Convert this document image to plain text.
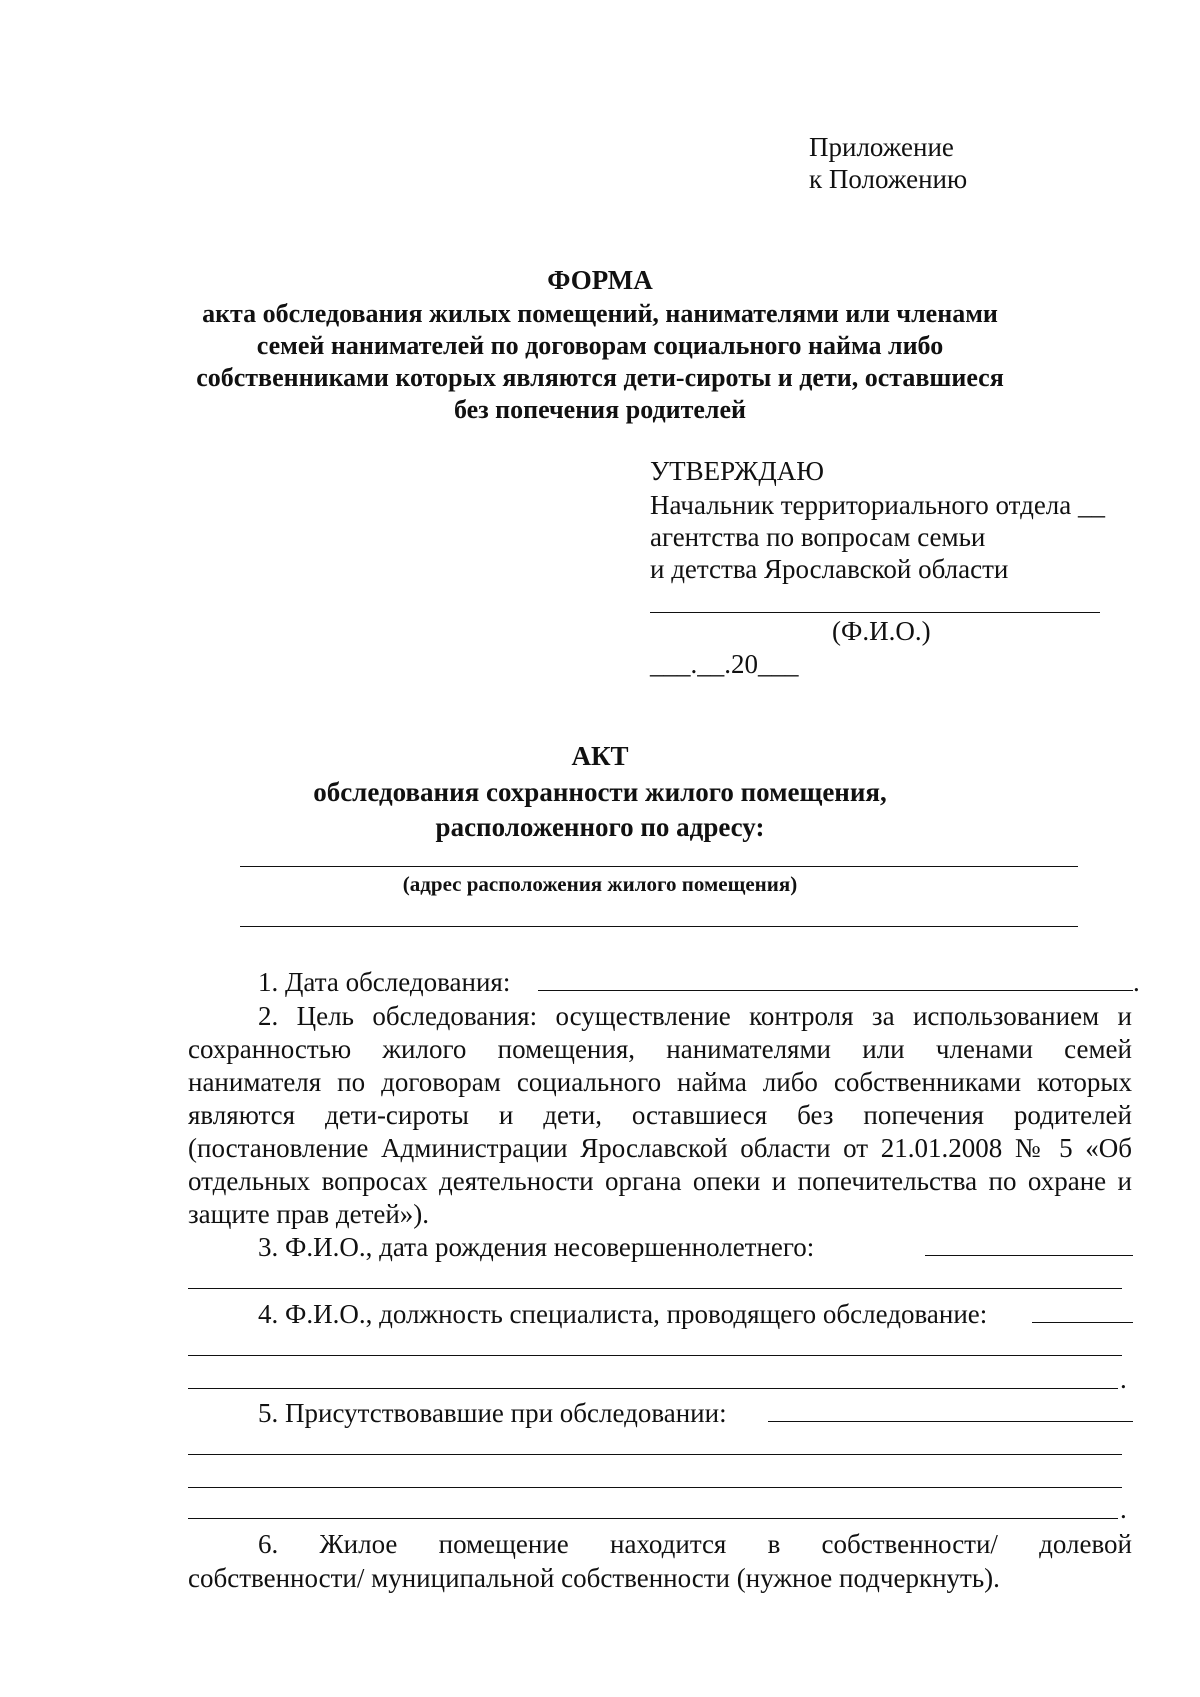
Приложение
к Положению
ФОРМА
акта обследования жилых помещений, нанимателями или членами
семей нанимателей по договорам социального найма либо
собственниками которых являются дети-сироты и дети, оставшиеся
без попечения родителей
УТВЕРЖДАЮ
Начальник территориального отдела __
агентства по вопросам семьи
и детства Ярославской области
(Ф.И.О.)
___.__.20___
АКТ
обследования сохранности жилого помещения,
расположенного по адресу:
(адрес расположения жилого помещения)
1. Дата обследования:	.
2. Цель обследования: осуществление контроля за использованием и
сохранностью жилого помещения, нанимателями или членами семей
нанимателя по договорам социального найма либо собственниками которых
являются дети-сироты и дети, оставшиеся без попечения родителей
(постановление Администрации Ярославской области от 21.01.2008 № 5 «Об
отдельных вопросах деятельности органа опеки и попечительства по охране и
защите прав детей»).
3. Ф.И.О., дата рождения несовершеннолетнего:
4. Ф.И.О., должность специалиста, проводящего обследование:
.
5. Присутствовавшие при обследовании:
.
6. Жилое помещение находится в собственности/ долевой
собственности/ муниципальной собственности (нужное подчеркнуть).
